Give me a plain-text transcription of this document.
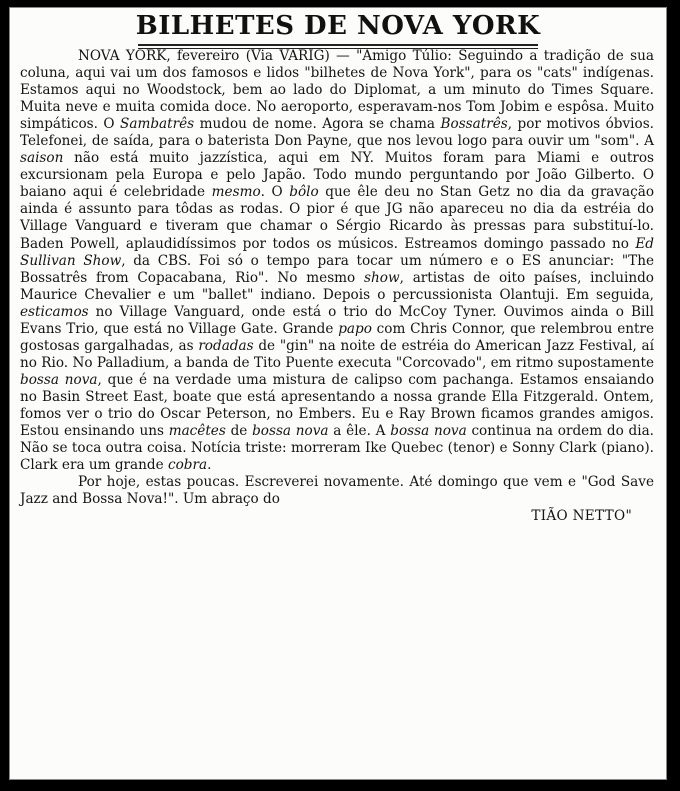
BILHETES DE NOVA YORK

NOVA YORK, fevereiro (Via VARIG) — "Amigo Túlio: Seguindo a tradição de sua coluna, aqui vai um dos famosos e lidos "bilhetes de Nova York", para os "cats" indígenas. Estamos aqui no Woodstock, bem ao lado do Diplomat, a um minuto do Times Square. Muita neve e muita comida doce. No aeroporto, esperavam-nos Tom Jobim e espôsa. Muito simpáticos. O Sambatrês mudou de nome. Agora se chama Bossatrês, por motivos óbvios. Telefonei, de saída, para o baterista Don Payne, que nos levou logo para ouvir um "som". A saison não está muito jazzística, aqui em NY. Muitos foram para Miami e outros excursionam pela Europa e pelo Japão. Todo mundo perguntando por João Gilberto. O baiano aqui é celebridade mesmo. O bôlo que êle deu no Stan Getz no dia da gravação ainda é assunto para tôdas as rodas. O pior é que JG não apareceu no dia da estréia do Village Vanguard e tiveram que chamar o Sérgio Ricardo às pressas para substituí-lo. Baden Powell, aplaudidíssimos por todos os músicos. Estreamos domingo passado no Ed Sullivan Show, da CBS. Foi só o tempo para tocar um número e o ES anunciar: "The Bossatrês from Copacabana, Rio". No mesmo show, artistas de oito países, incluindo Maurice Chevalier e um "ballet" indiano. Depois o percussionista Olantuji. Em seguida, esticamos no Village Vanguard, onde está o trio do McCoy Tyner. Ouvimos ainda o Bill Evans Trio, que está no Village Gate. Grande papo com Chris Connor, que relembrou entre gostosas gargalhadas, as rodadas de "gin" na noite de estréia do American Jazz Festival, aí no Rio. No Palladium, a banda de Tito Puente executa "Corcovado", em ritmo supostamente bossa nova, que é na verdade uma mistura de calipso com pachanga. Estamos ensaiando no Basin Street East, boate que está apresentando a nossa grande Ella Fitzgerald. Ontem, fomos ver o trio do Oscar Peterson, no Embers. Eu e Ray Brown ficamos grandes amigos. Estou ensinando uns macêtes de bossa nova a êle. A bossa nova continua na ordem do dia. Não se toca outra coisa. Notícia triste: morreram Ike Quebec (tenor) e Sonny Clark (piano). Clark era um grande cobra.

Por hoje, estas poucas. Escreverei novamente. Até domingo que vem e "God Save Jazz and Bossa Nova!". Um abraço do

TIÃO NETTO"
